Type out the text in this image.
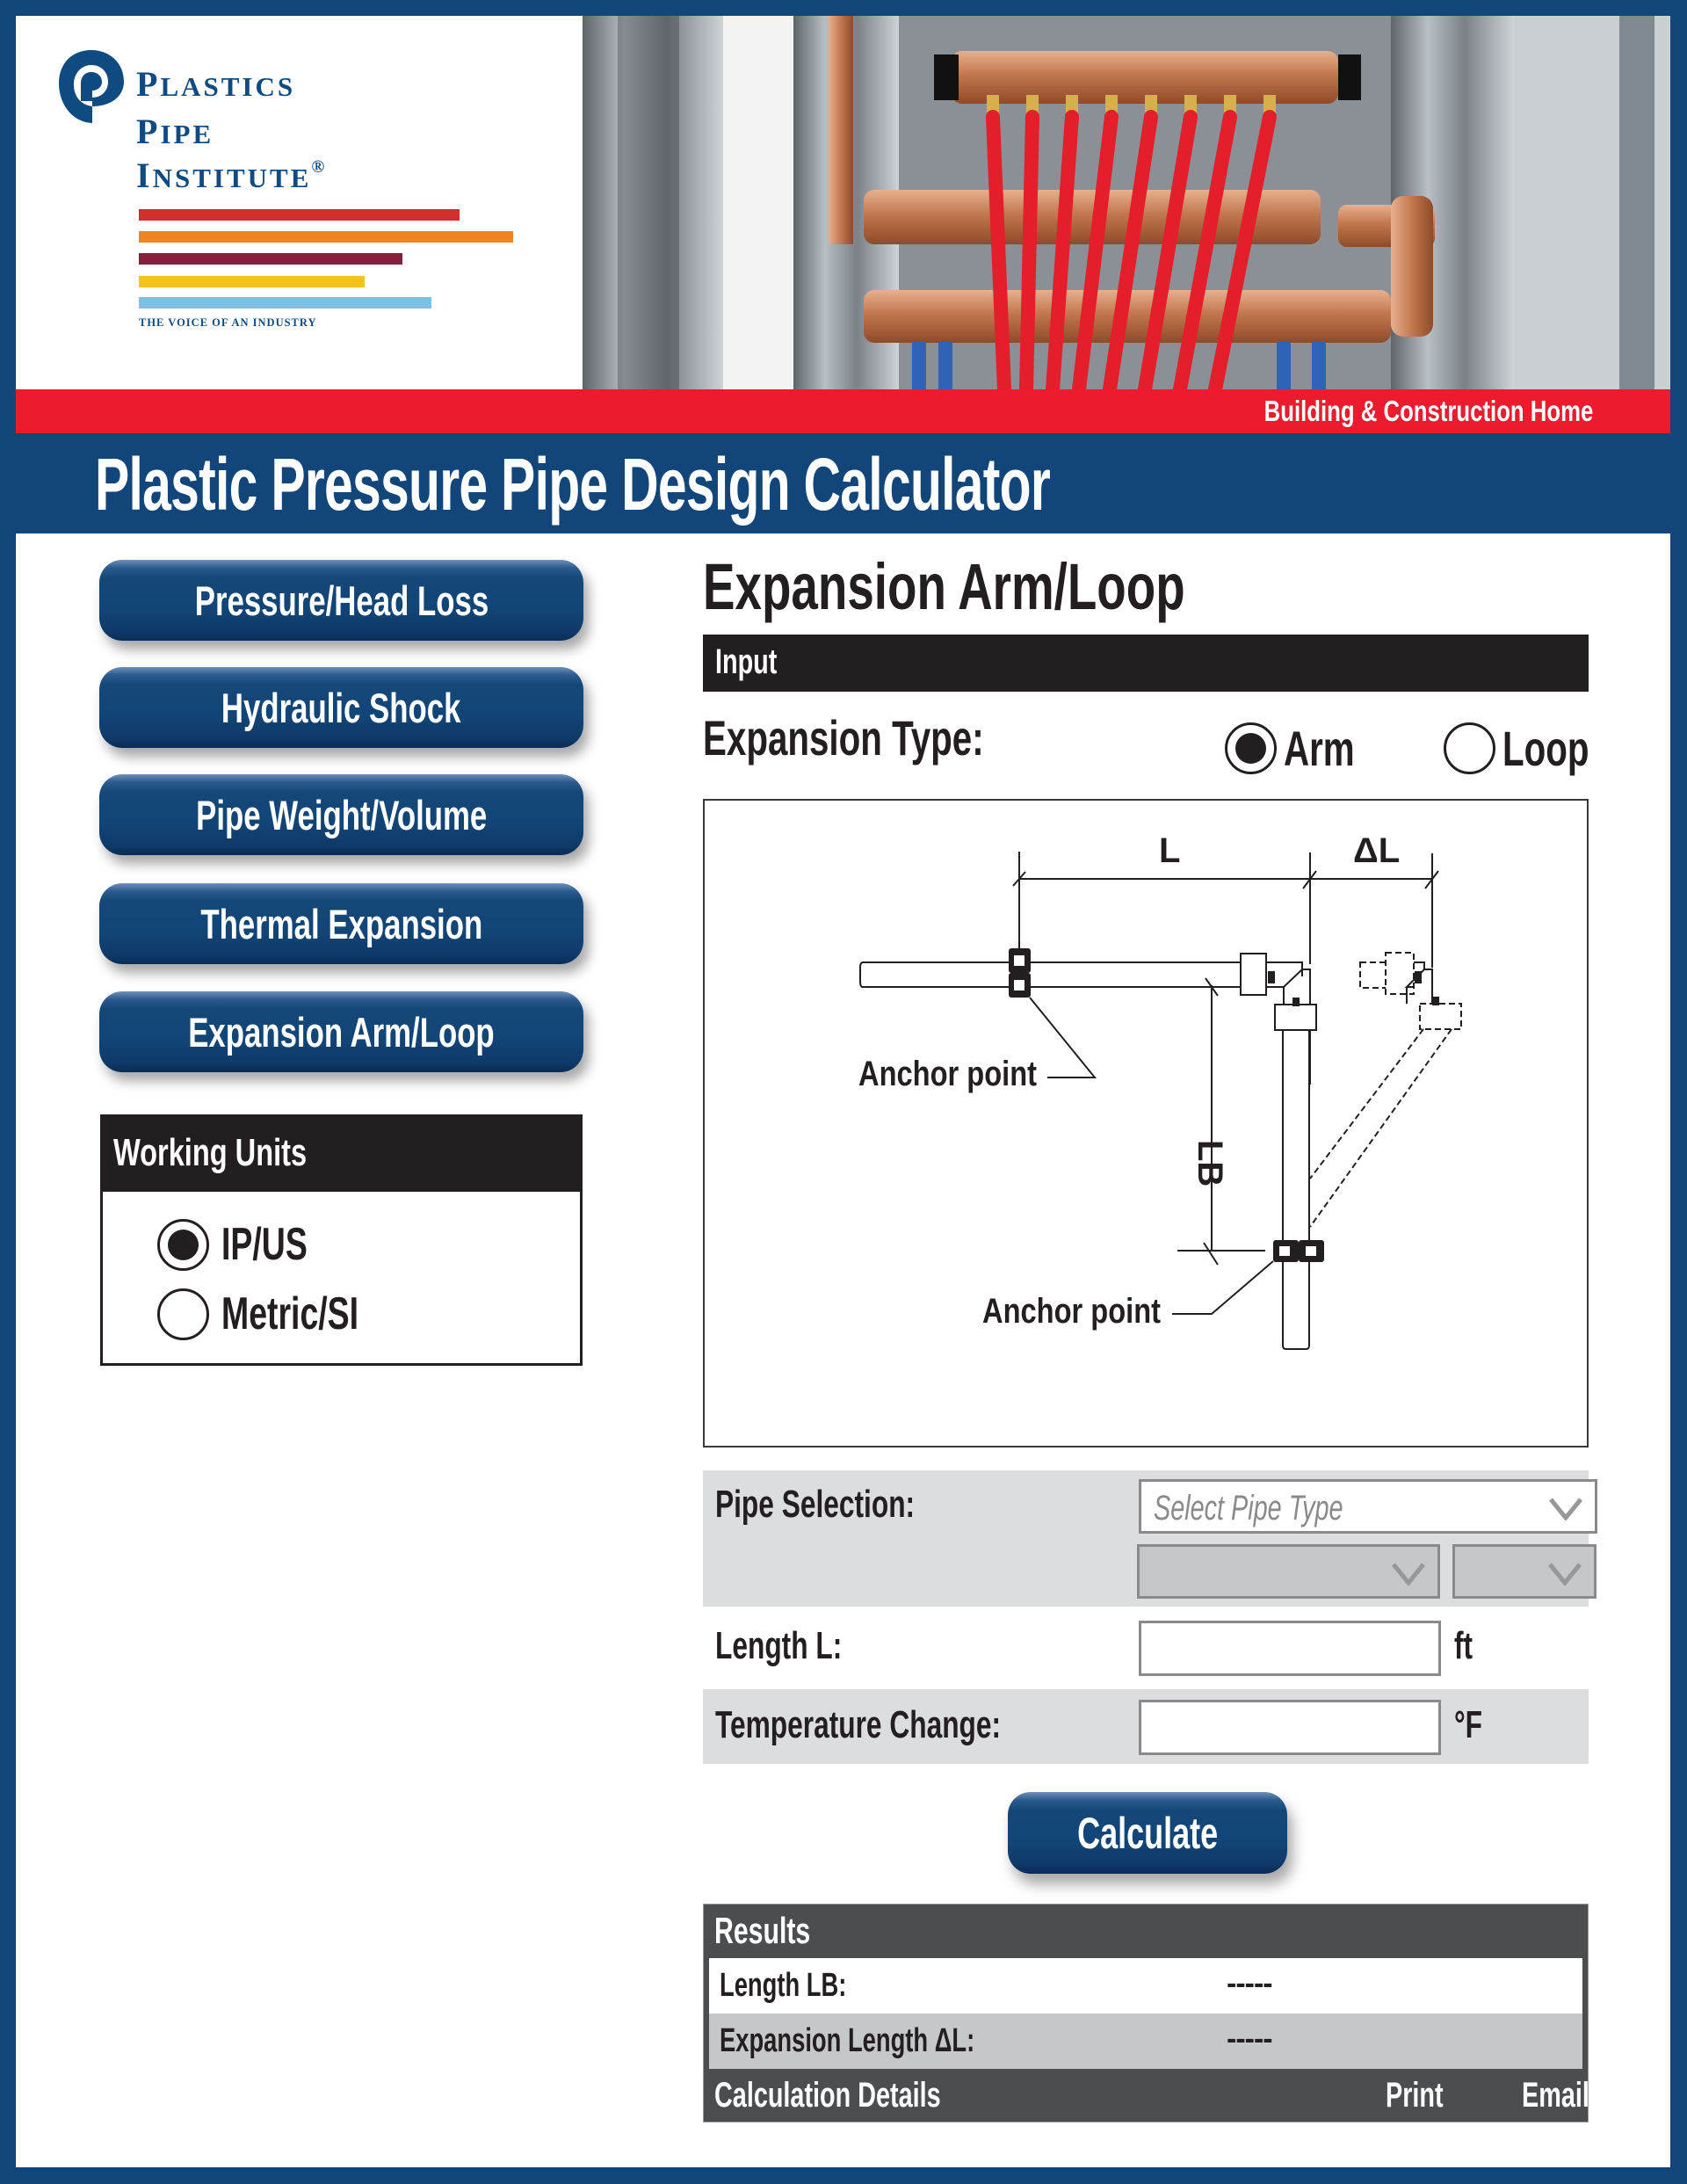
PLASTICS
PIPE
INSTITUTE®
THE VOICE OF AN INDUSTRY
Building & Construction Home
Plastic Pressure Pipe Design Calculator
Pressure/Head Loss
Hydraulic Shock
Pipe Weight/Volume
Thermal Expansion
Expansion Arm/Loop
Working Units
IP/US
Metric/SI
Expansion Arm/Loop
Input
Expansion Type:	Arm	Loop
L	ΔL
LB
Anchor point
Anchor point
Pipe Selection:	Select Pipe Type
Length L:	ft
Temperature Change:	°F
Calculate
Results
Length LB:	-----
Expansion Length ΔL:	-----
Calculation Details	Print Email
